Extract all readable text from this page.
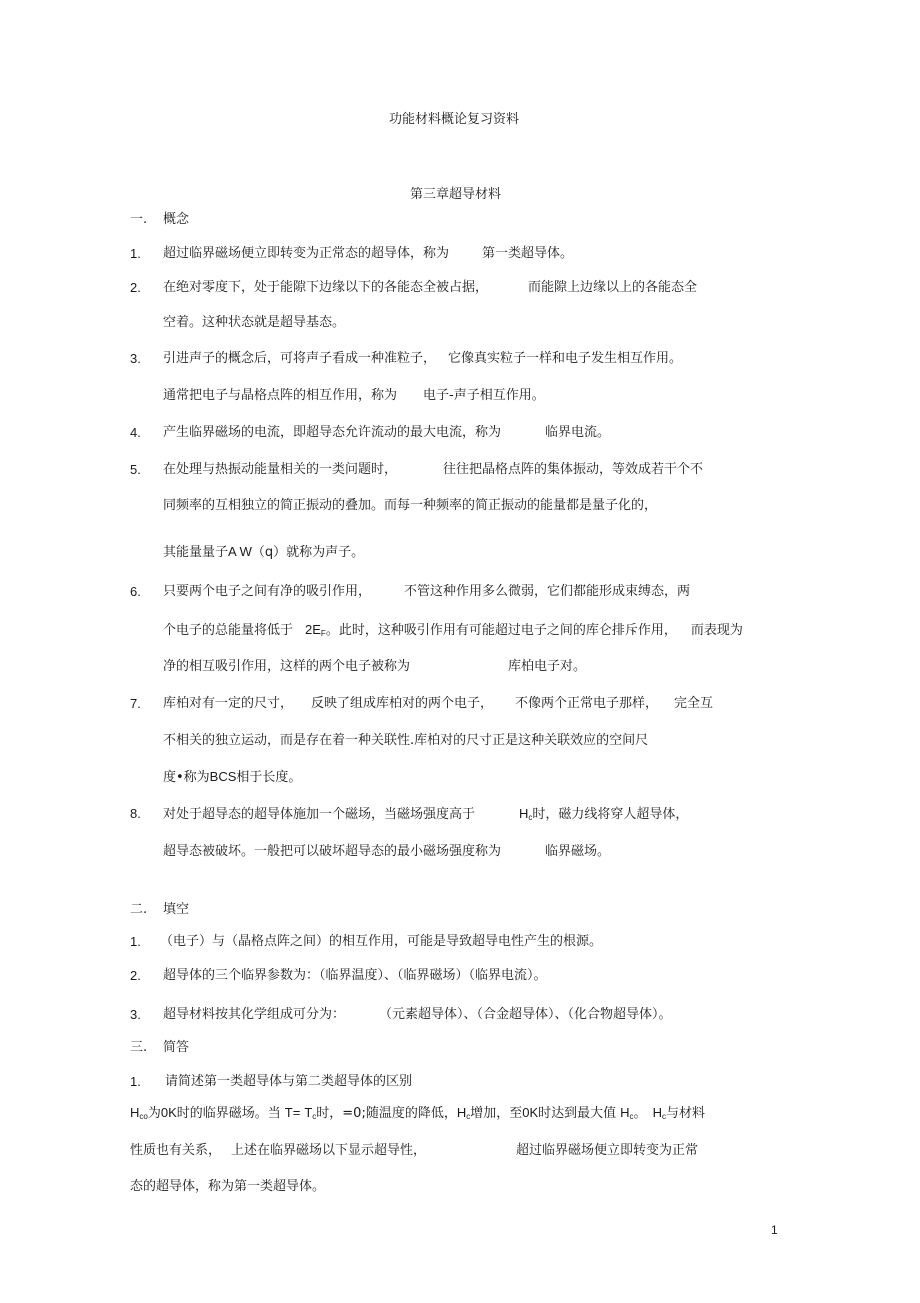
功能材料概论复习资料
第三章超导材料
一. 概念
1. 超过临界磁场便立即转变为正常态的超导体，称为	第一类超导体。
2. 在绝对零度下，处于能隙下边缘以下的各能态全被占据，	而能隙上边缘以上的各能态全
空着。这种状态就是超导基态。
3. 引进声子的概念后，可将声子看成一种准粒子， 它像真实粒子一样和电子发生相互作用。
通常把电子与晶格点阵的相互作用，称为 电子-声子相互作用。
4. 产生临界磁场的电流，即超导态允许流动的最大电流，称为	临界电流。
5. 在处理与热振动能量相关的一类问题时，	往往把晶格点阵的集体振动，等效成若干个不
同频率的互相独立的简正振动的叠加。而每一种频率的简正振动的能量都是量子化的，
其能量量子A W（q）就称为声子。
6. 只要两个电子之间有净的吸引作用，	不管这种作用多么微弱，它们都能形成束缚态，两
个电子的总能量将低于 $2E_F$。此时，这种吸引作用有可能超过电子之间的库仑排斥作用， 而表现为
净的相互吸引作用，这样的两个电子被称为	库柏电子对。
7. 库柏对有一定的尺寸， 反映了组成库柏对的两个电子， 不像两个正常电子那样， 完全互
不相关的独立运动，而是存在着一种关联性.库柏对的尺寸正是这种关联效应的空间尺
度•称为BCS相于长度。
8. 对处于超导态的超导体施加一个磁场，当磁场强度高于	$H_c$时，磁力线将穿人超导体，
超导态被破坏。一般把可以破坏超导态的最小磁场强度称为	临界磁场。
二. 填空
1. （电子）与（晶格点阵之间）的相互作用，可能是导致超导电性产生的根源。
2. 超导体的三个临界参数为：（临界温度）、（临界磁场）（临界电流）。
3. 超导材料按其化学组成可分为：	（元素超导体）、（合金超导体）、（化合物超导体）。
三. 简答
1. 请简述第一类超导体与第二类超导体的区别
$H_{co}$为0K时的临界磁场。当 $T= T_c$时，=0;随温度的降低，$H_c$增加，至0K时达到最大值 $H_c$。 $H_c$与材料
性质也有关系， 上述在临界磁场以下显示超导性，	超过临界磁场便立即转变为正常
态的超导体，称为第一类超导体。
1
